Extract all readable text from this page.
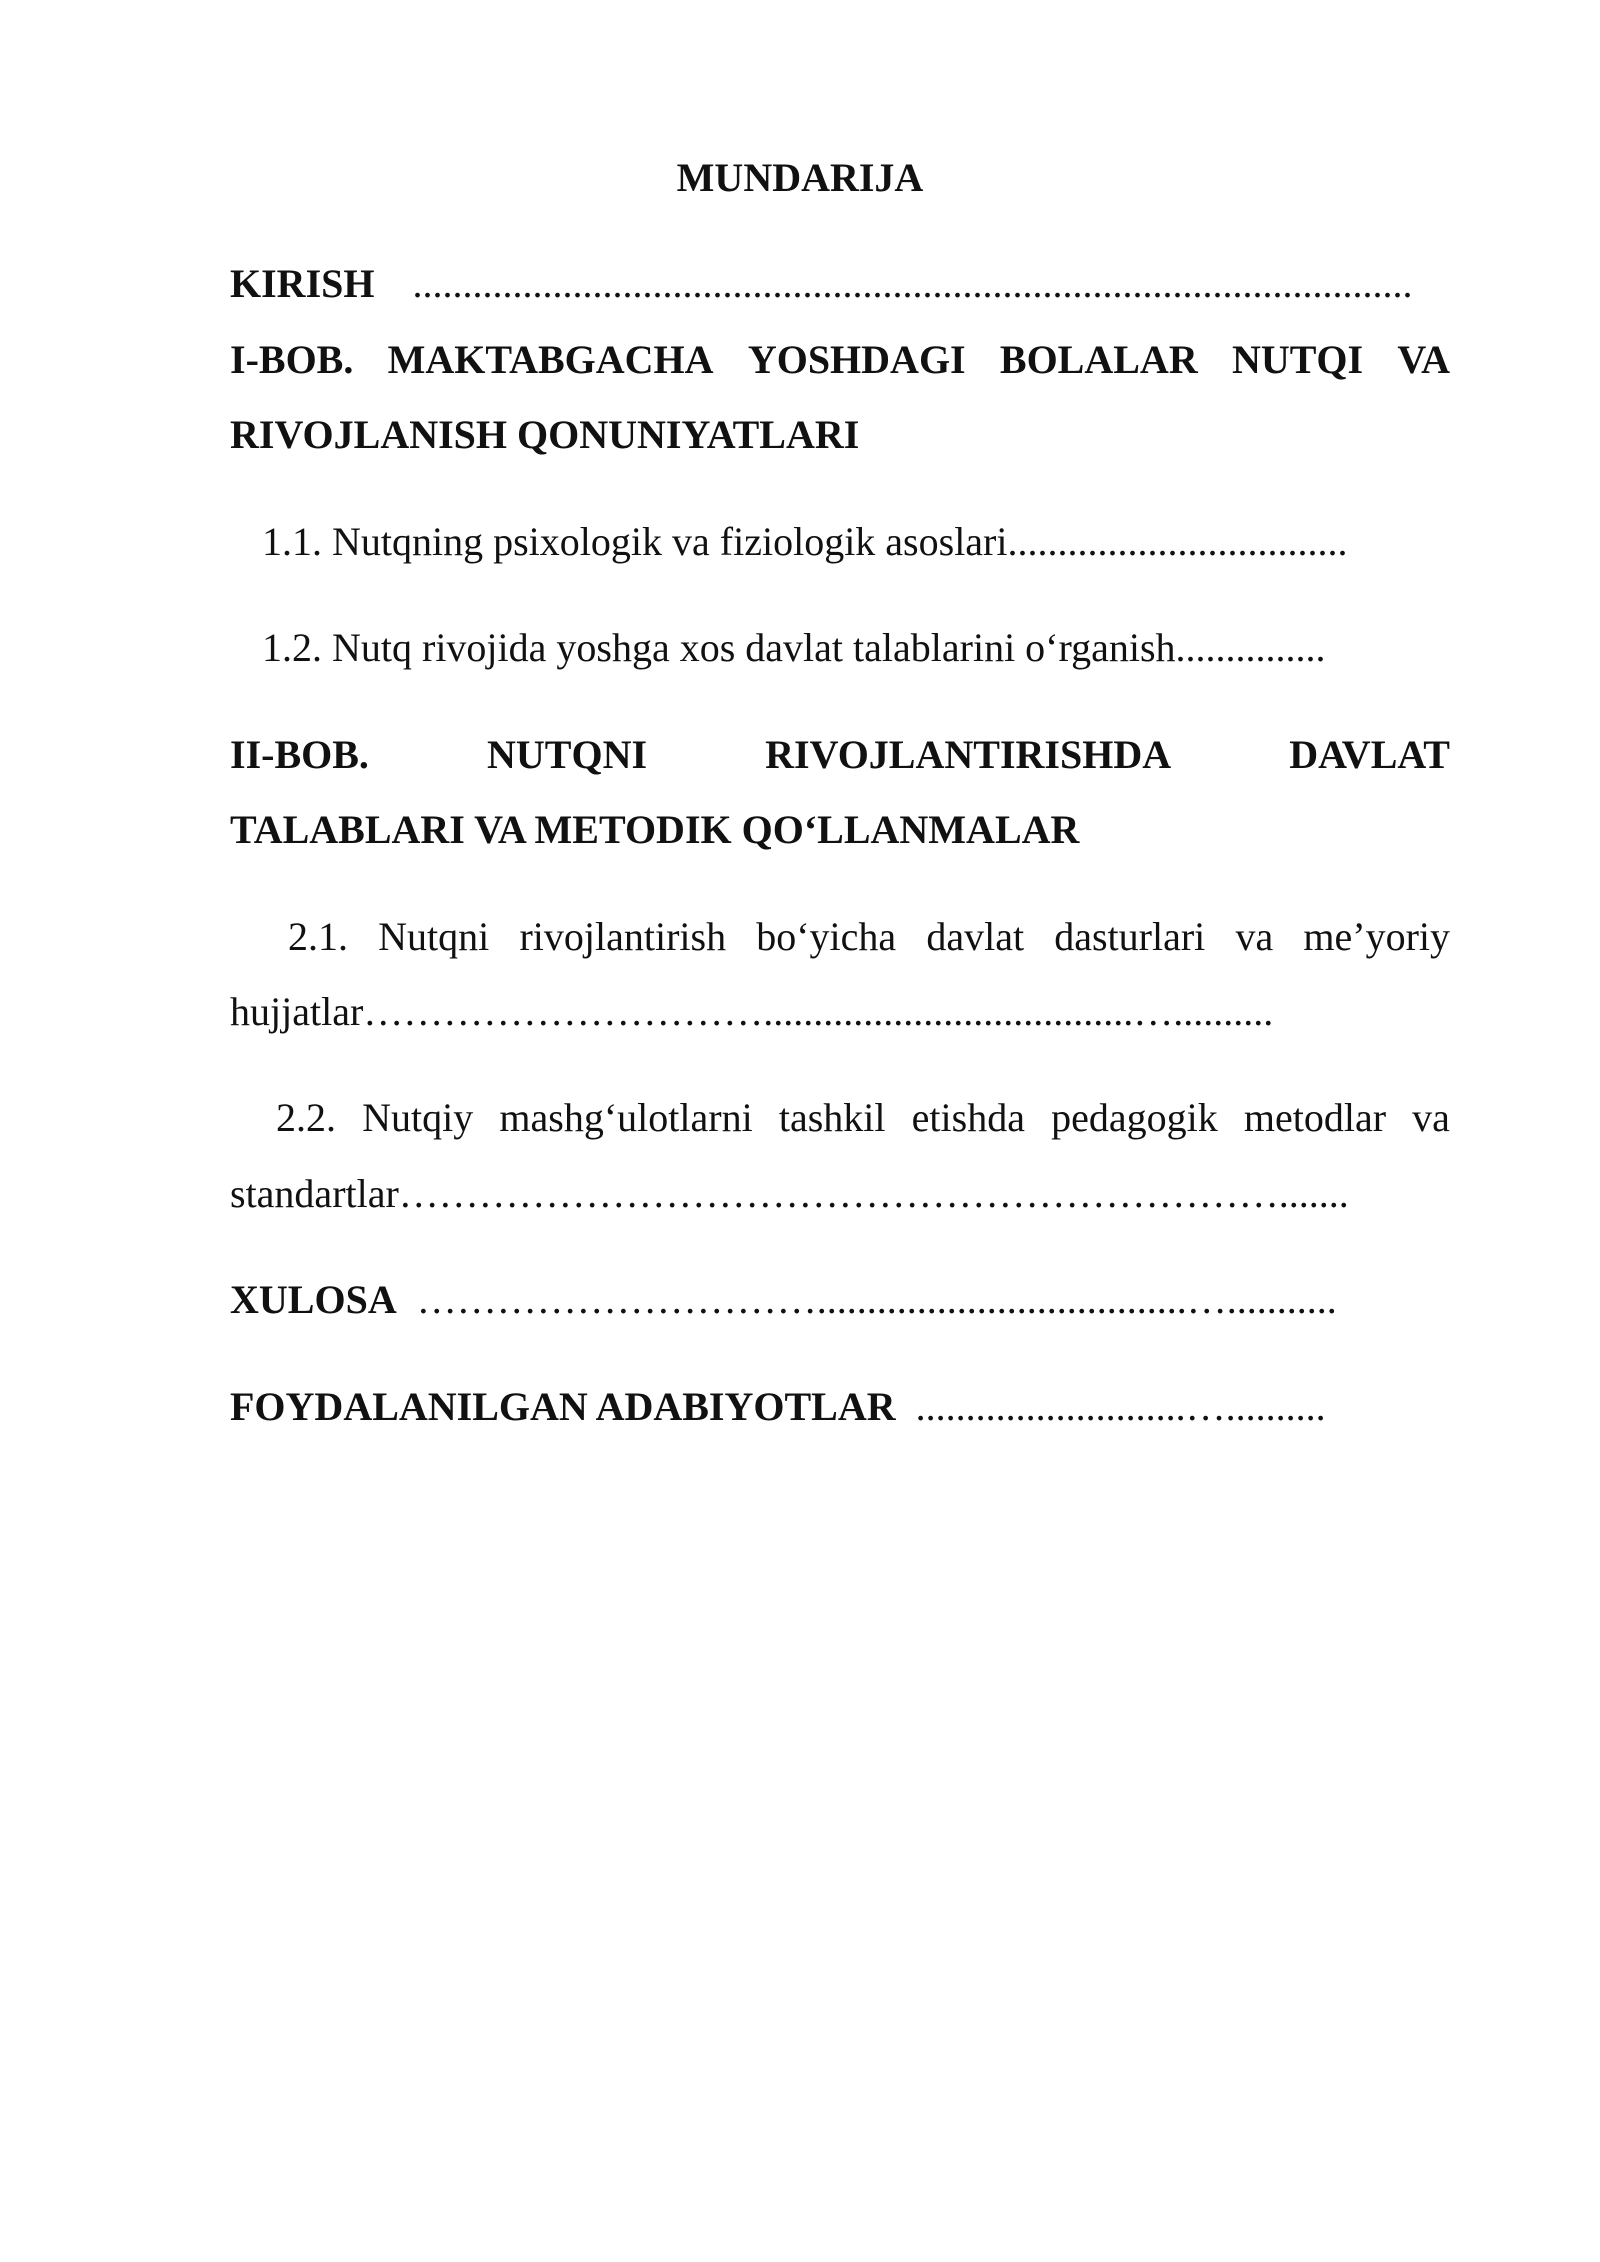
MUNDARIJA
KIRISH ....................................................................................................
I-BOB. MAKTABGACHA YOSHDAGI BOLALAR NUTQI VA
RIVOJLANISH QONUNIYATLARI
1.1. Nutqning psixologik va fiziologik asoslari..................................
1.2. Nutq rivojida yoshga xos davlat talablarini o‘rganish...............
II-BOB.	NUTQNI	RIVOJLANTIRISHDA	DAVLAT
TALABLARI VA METODIK QO‘LLANMALAR
2.1. Nutqni rivojlantirish bo‘yicha davlat dasturlari va me’yoriy
hujjatlar………………………….....................................…..........
2.2. Nutqiy mashg‘ulotlarni tashkil etishda pedagogik metodlar va
standartlar………………………………………………………….......
XULOSA ………………………….....................................…...........
FOYDALANILGAN ADABIYOTLAR ...........................…..........
